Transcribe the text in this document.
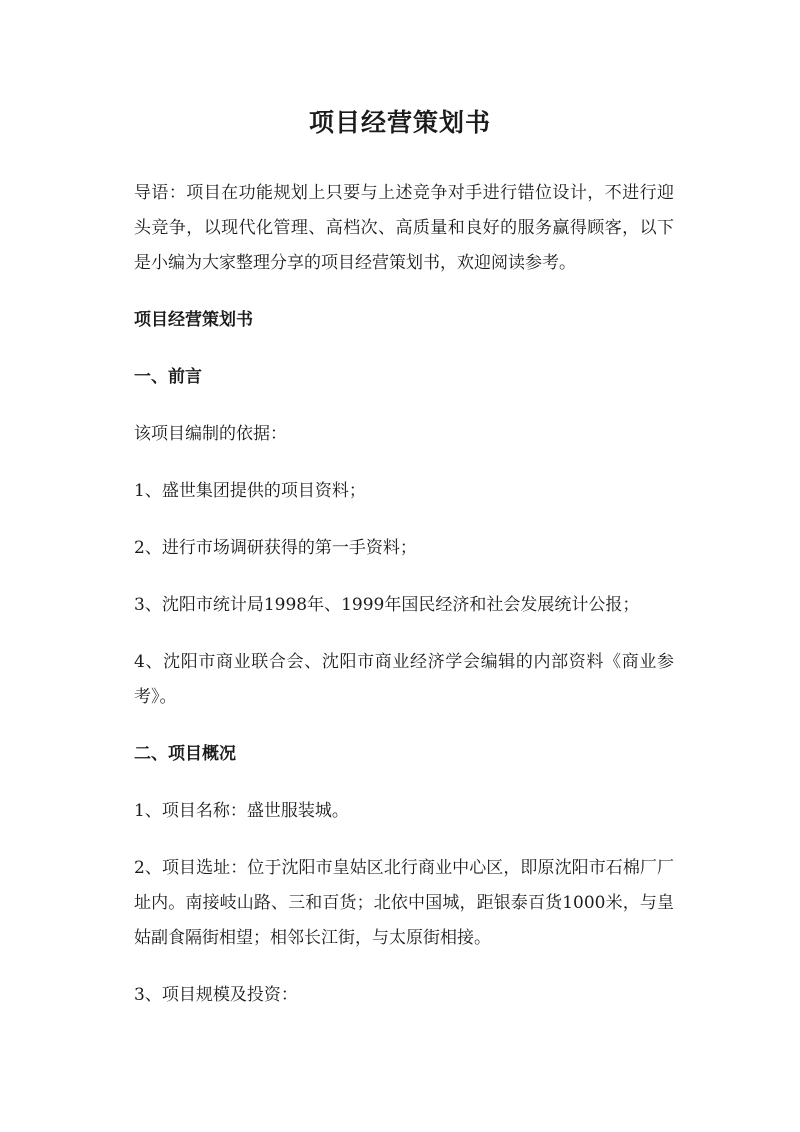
项目经营策划书

导语：项目在功能规划上只要与上述竞争对手进行错位设计，不进行迎头竞争，以现代化管理、高档次、高质量和良好的服务赢得顾客，以下是小编为大家整理分享的项目经营策划书，欢迎阅读参考。

项目经营策划书

一、前言

该项目编制的依据：

1、盛世集团提供的项目资料；

2、进行市场调研获得的第一手资料；

3、沈阳市统计局1998年、1999年国民经济和社会发展统计公报；

4、沈阳市商业联合会、沈阳市商业经济学会编辑的内部资料《商业参考》。

二、项目概况

1、项目名称：盛世服装城。

2、项目选址：位于沈阳市皇姑区北行商业中心区，即原沈阳市石棉厂厂址内。南接岐山路、三和百货；北依中国城，距银泰百货1000米，与皇姑副食隔街相望；相邻长江街，与太原街相接。

3、项目规模及投资：
